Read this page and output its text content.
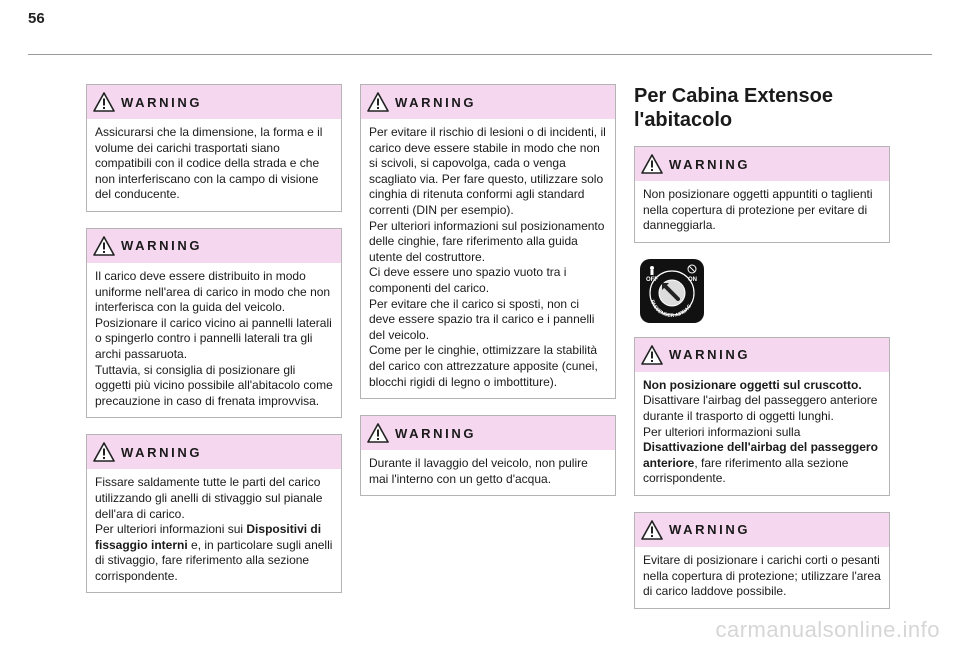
56
WARNING

Assicurarsi che la dimensione, la forma e il volume dei carichi trasportati siano compatibili con il codice della strada e che non interferiscano con la campo di visione del conducente.

WARNING

Il carico deve essere distribuito in modo uniforme nell'area di carico in modo che non interferisca con la guida del veicolo.

Posizionare il carico vicino ai pannelli laterali o spingerlo contro i pannelli laterali tra gli archi passaruota.

Tuttavia, si consiglia di posizionare gli oggetti più vicino possibile all'abitacolo come precauzione in caso di frenata improvvisa.

WARNING

Fissare saldamente tutte le parti del carico utilizzando gli anelli di stivaggio sul pianale dell'ara di carico.

Per ulteriori informazioni sui Dispositivi di fissaggio interni e, in particolare sugli anelli di stivaggio, fare riferimento alla sezione corrispondente.

WARNING

Per evitare il rischio di lesioni o di incidenti, il carico deve essere stabile in modo che non si scivoli, si capovolga, cada o venga scagliato via. Per fare questo, utilizzare solo cinghia di ritenuta conformi agli standard correnti (DIN per esempio).

Per ulteriori informazioni sul posizionamento delle cinghie, fare riferimento alla guida utente del costruttore.

Ci deve essere uno spazio vuoto tra i componenti del carico.

Per evitare che il carico si sposti, non ci deve essere spazio tra il carico e i pannelli del veicolo.

Come per le cinghie, ottimizzare la stabilità del carico con attrezzature apposite (cunei, blocchi rigidi di legno o imbottiture).

WARNING

Durante il lavaggio del veicolo, non pulire mai l'interno con un getto d'acqua.

Per Cabina Extensoe
l'abitacolo
WARNING

Non posizionare oggetti appuntiti o taglienti nella copertura di protezione per evitare di danneggiarla.

OFF	ON
PASSENGER AIRBAG
WARNING

Non posizionare oggetti sul cruscotto.

Disattivare l'airbag del passeggero anteriore durante il trasporto di oggetti lunghi.

Per ulteriori informazioni sulla Disattivazione dell'airbag del passeggero anteriore, fare riferimento alla sezione corrispondente.

WARNING

Evitare di posizionare i carichi corti o pesanti nella copertura di protezione; utilizzare l'area di carico laddove possibile.

carmanualsonline.info
